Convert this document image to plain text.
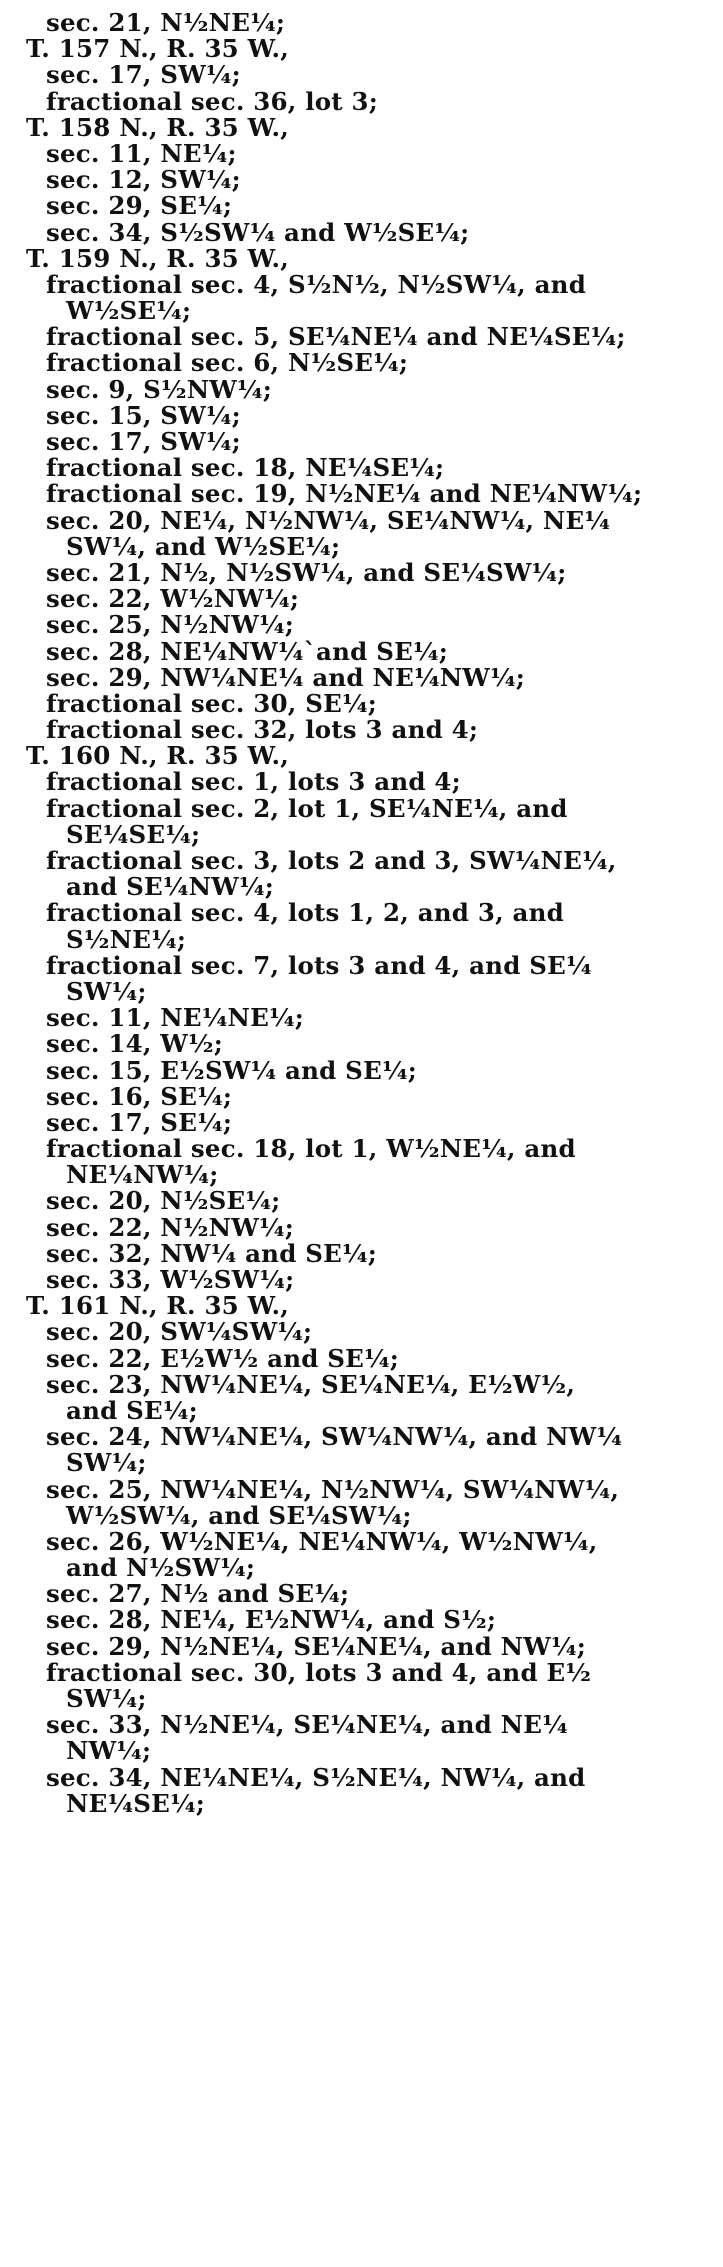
sec. 21, N½NE¼;
T. 157 N., R. 35 W.,
sec. 17, SW¼;
fractional sec. 36, lot 3;
T. 158 N., R. 35 W.,
sec. 11, NE¼;
sec. 12, SW¼;
sec. 29, SE¼;
sec. 34, S½SW¼ and W½SE¼;
T. 159 N., R. 35 W.,
fractional sec. 4, S½N½, N½SW¼, and
W½SE¼;
fractional sec. 5, SE¼NE¼ and NE¼SE¼;
fractional sec. 6, N½SE¼;
sec. 9, S½NW¼;
sec. 15, SW¼;
sec. 17, SW¼;
fractional sec. 18, NE¼SE¼;
fractional sec. 19, N½NE¼ and NE¼NW¼;
sec. 20, NE¼, N½NW¼, SE¼NW¼, NE¼
SW¼, and W½SE¼;
sec. 21, N½, N½SW¼, and SE¼SW¼;
sec. 22, W½NW¼;
sec. 25, N½NW¼;
sec. 28, NE¼NW¼`and SE¼;
sec. 29, NW¼NE¼ and NE¼NW¼;
fractional sec. 30, SE¼;
fractional sec. 32, lots 3 and 4;
T. 160 N., R. 35 W.,
fractional sec. 1, lots 3 and 4;
fractional sec. 2, lot 1, SE¼NE¼, and
SE¼SE¼;
fractional sec. 3, lots 2 and 3, SW¼NE¼,
and SE¼NW¼;
fractional sec. 4, lots 1, 2, and 3, and
S½NE¼;
fractional sec. 7, lots 3 and 4, and SE¼
SW¼;
sec. 11, NE¼NE¼;
sec. 14, W½;
sec. 15, E½SW¼ and SE¼;
sec. 16, SE¼;
sec. 17, SE¼;
fractional sec. 18, lot 1, W½NE¼, and
NE¼NW¼;
sec. 20, N½SE¼;
sec. 22, N½NW¼;
sec. 32, NW¼ and SE¼;
sec. 33, W½SW¼;
T. 161 N., R. 35 W.,
sec. 20, SW¼SW¼;
sec. 22, E½W½ and SE¼;
sec. 23, NW¼NE¼, SE¼NE¼, E½W½,
and SE¼;
sec. 24, NW¼NE¼, SW¼NW¼, and NW¼
SW¼;
sec. 25, NW¼NE¼, N½NW¼, SW¼NW¼,
W½SW¼, and SE¼SW¼;
sec. 26, W½NE¼, NE¼NW¼, W½NW¼,
and N½SW¼;
sec. 27, N½ and SE¼;
sec. 28, NE¼, E½NW¼, and S½;
sec. 29, N½NE¼, SE¼NE¼, and NW¼;
fractional sec. 30, lots 3 and 4, and E½
SW¼;
sec. 33, N½NE¼, SE¼NE¼, and NE¼
NW¼;
sec. 34, NE¼NE¼, S½NE¼, NW¼, and
NE¼SE¼;
